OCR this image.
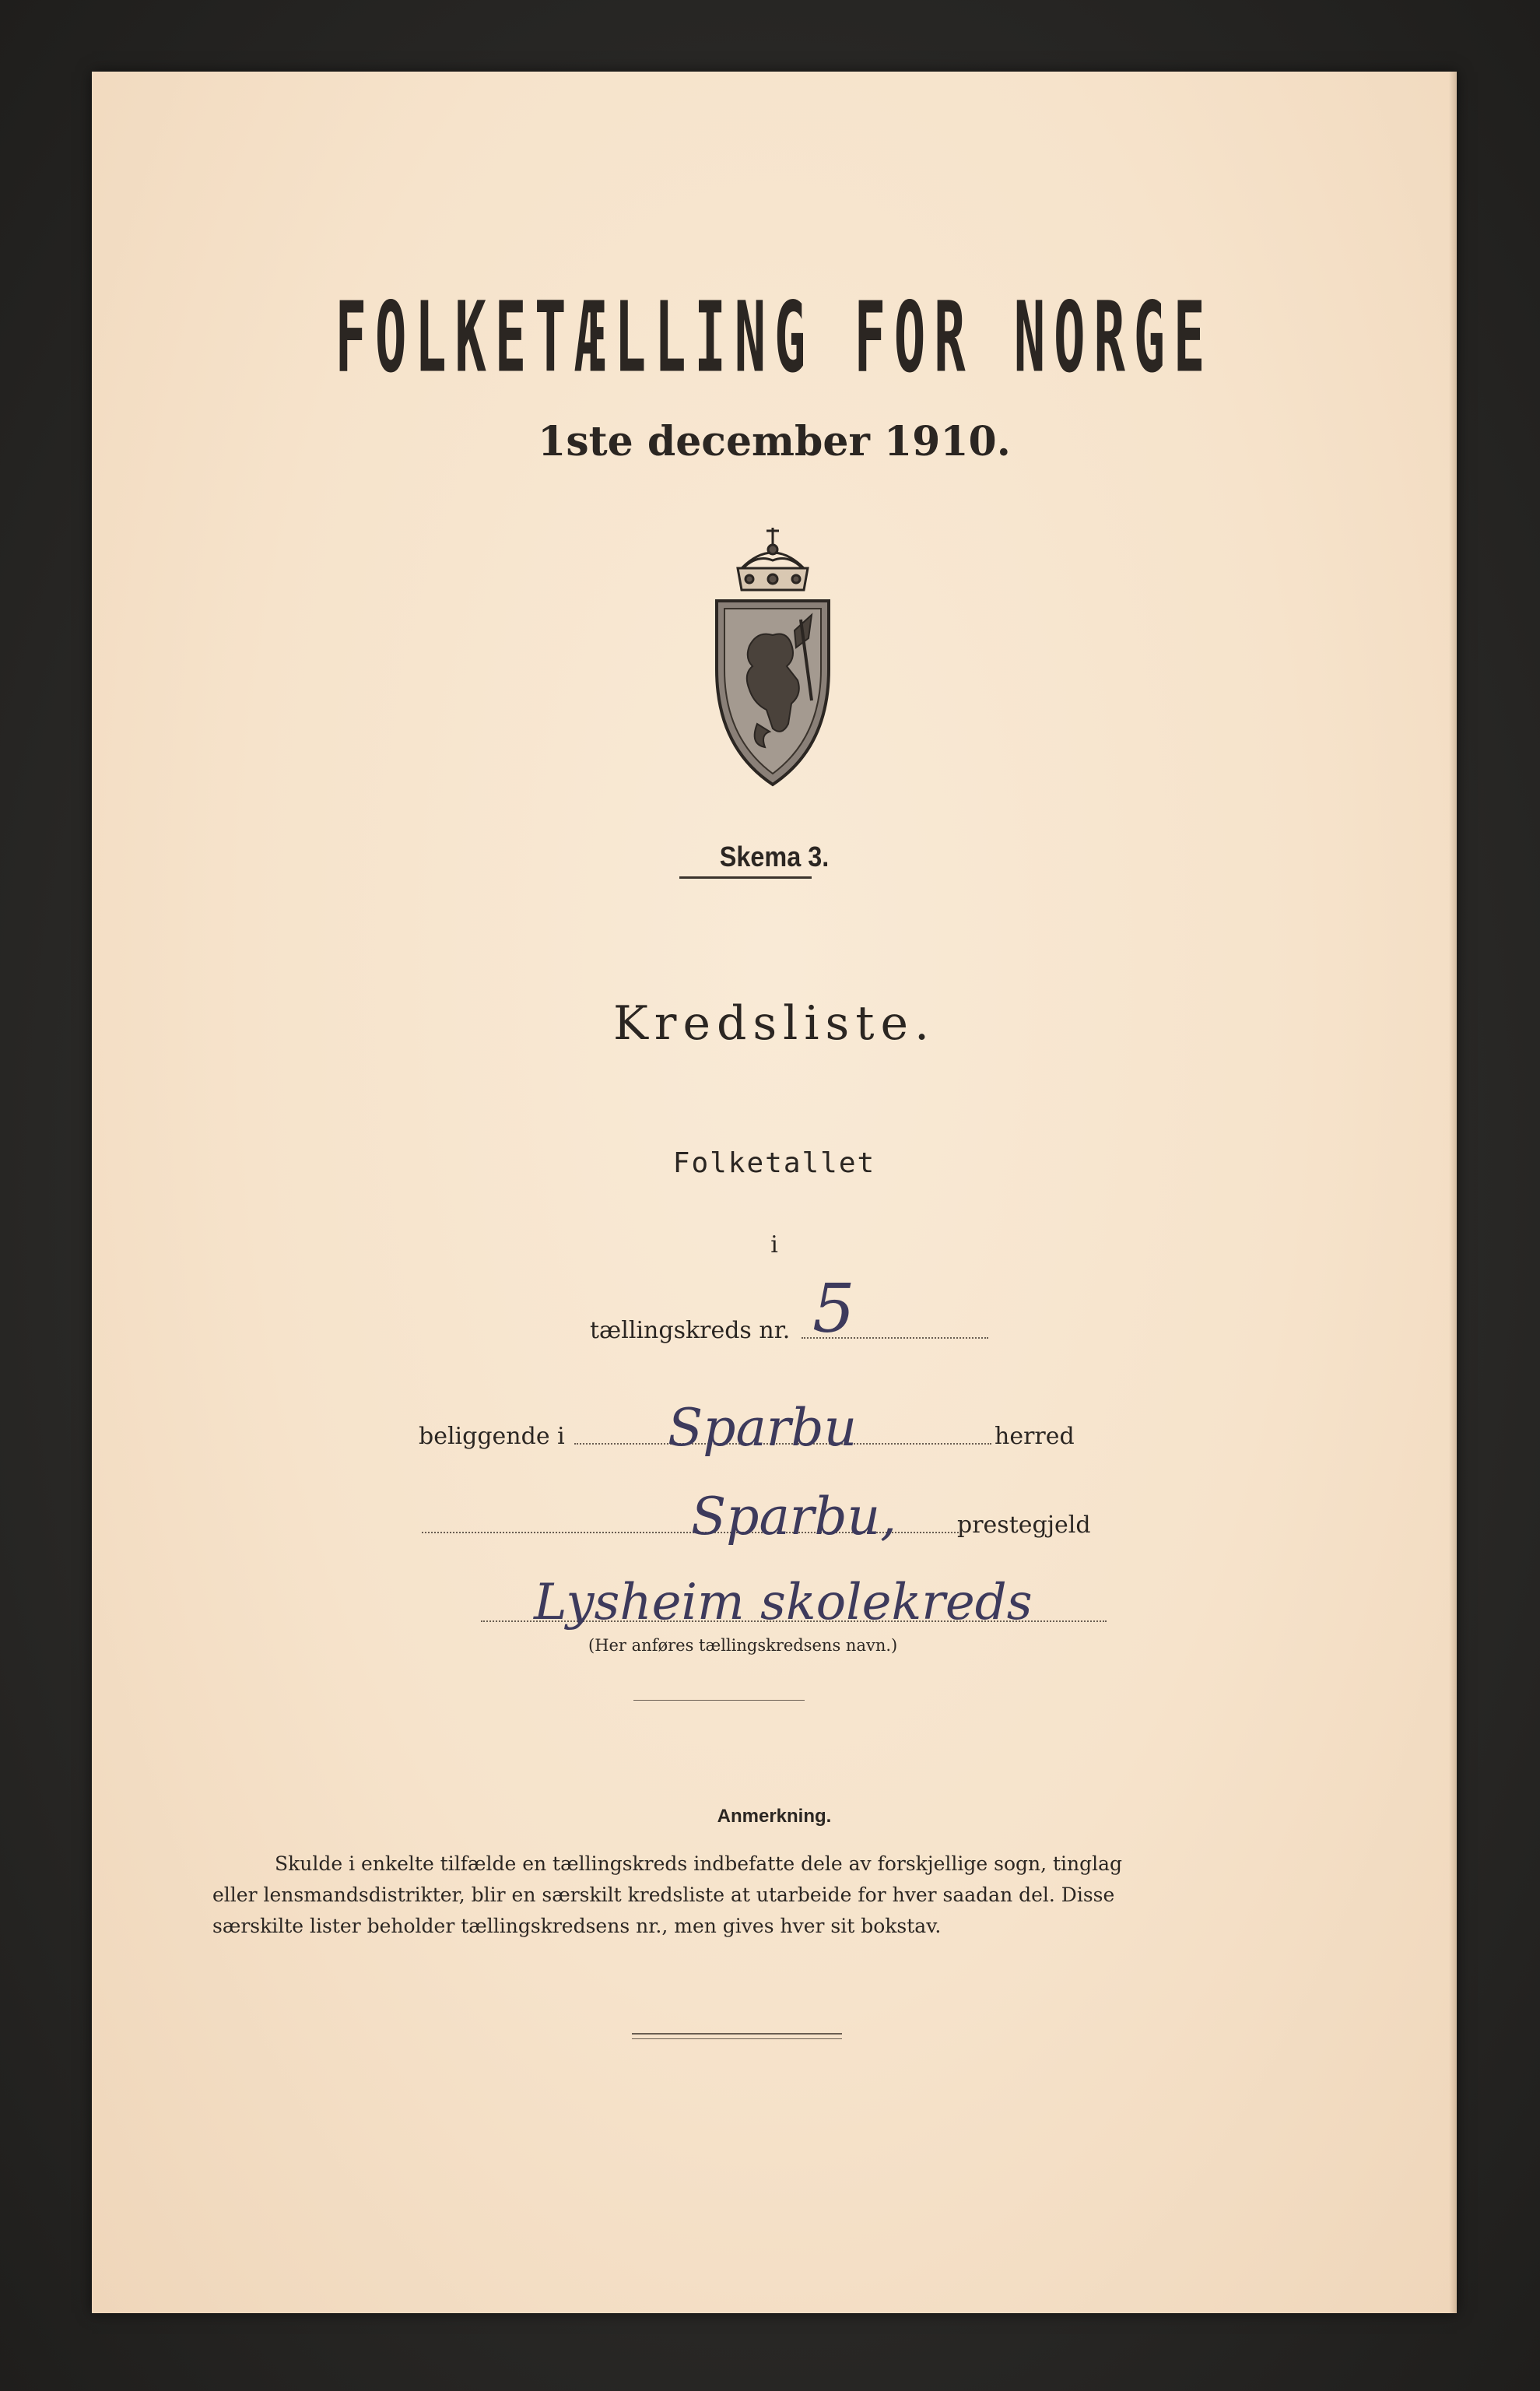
FOLKETÆLLING FOR NORGE
1ste december 1910.
Skema 3.
Kredsliste.
Folketallet
i
tællingskreds nr. 5
beliggende i Sparbu	herred
Sparbu,	prestegjeld
Lysheim skolekreds
(Her anføres tællingskredsens navn.)
Anmerkning.
Skulde i enkelte tilfælde en tællingskreds indbefatte dele av forskjellige sogn, tinglag
eller lensmandsdistrikter, blir en særskilt kredsliste at utarbeide for hver saadan del. Disse
særskilte lister beholder tællingskredsens nr., men gives hver sit bokstav.
